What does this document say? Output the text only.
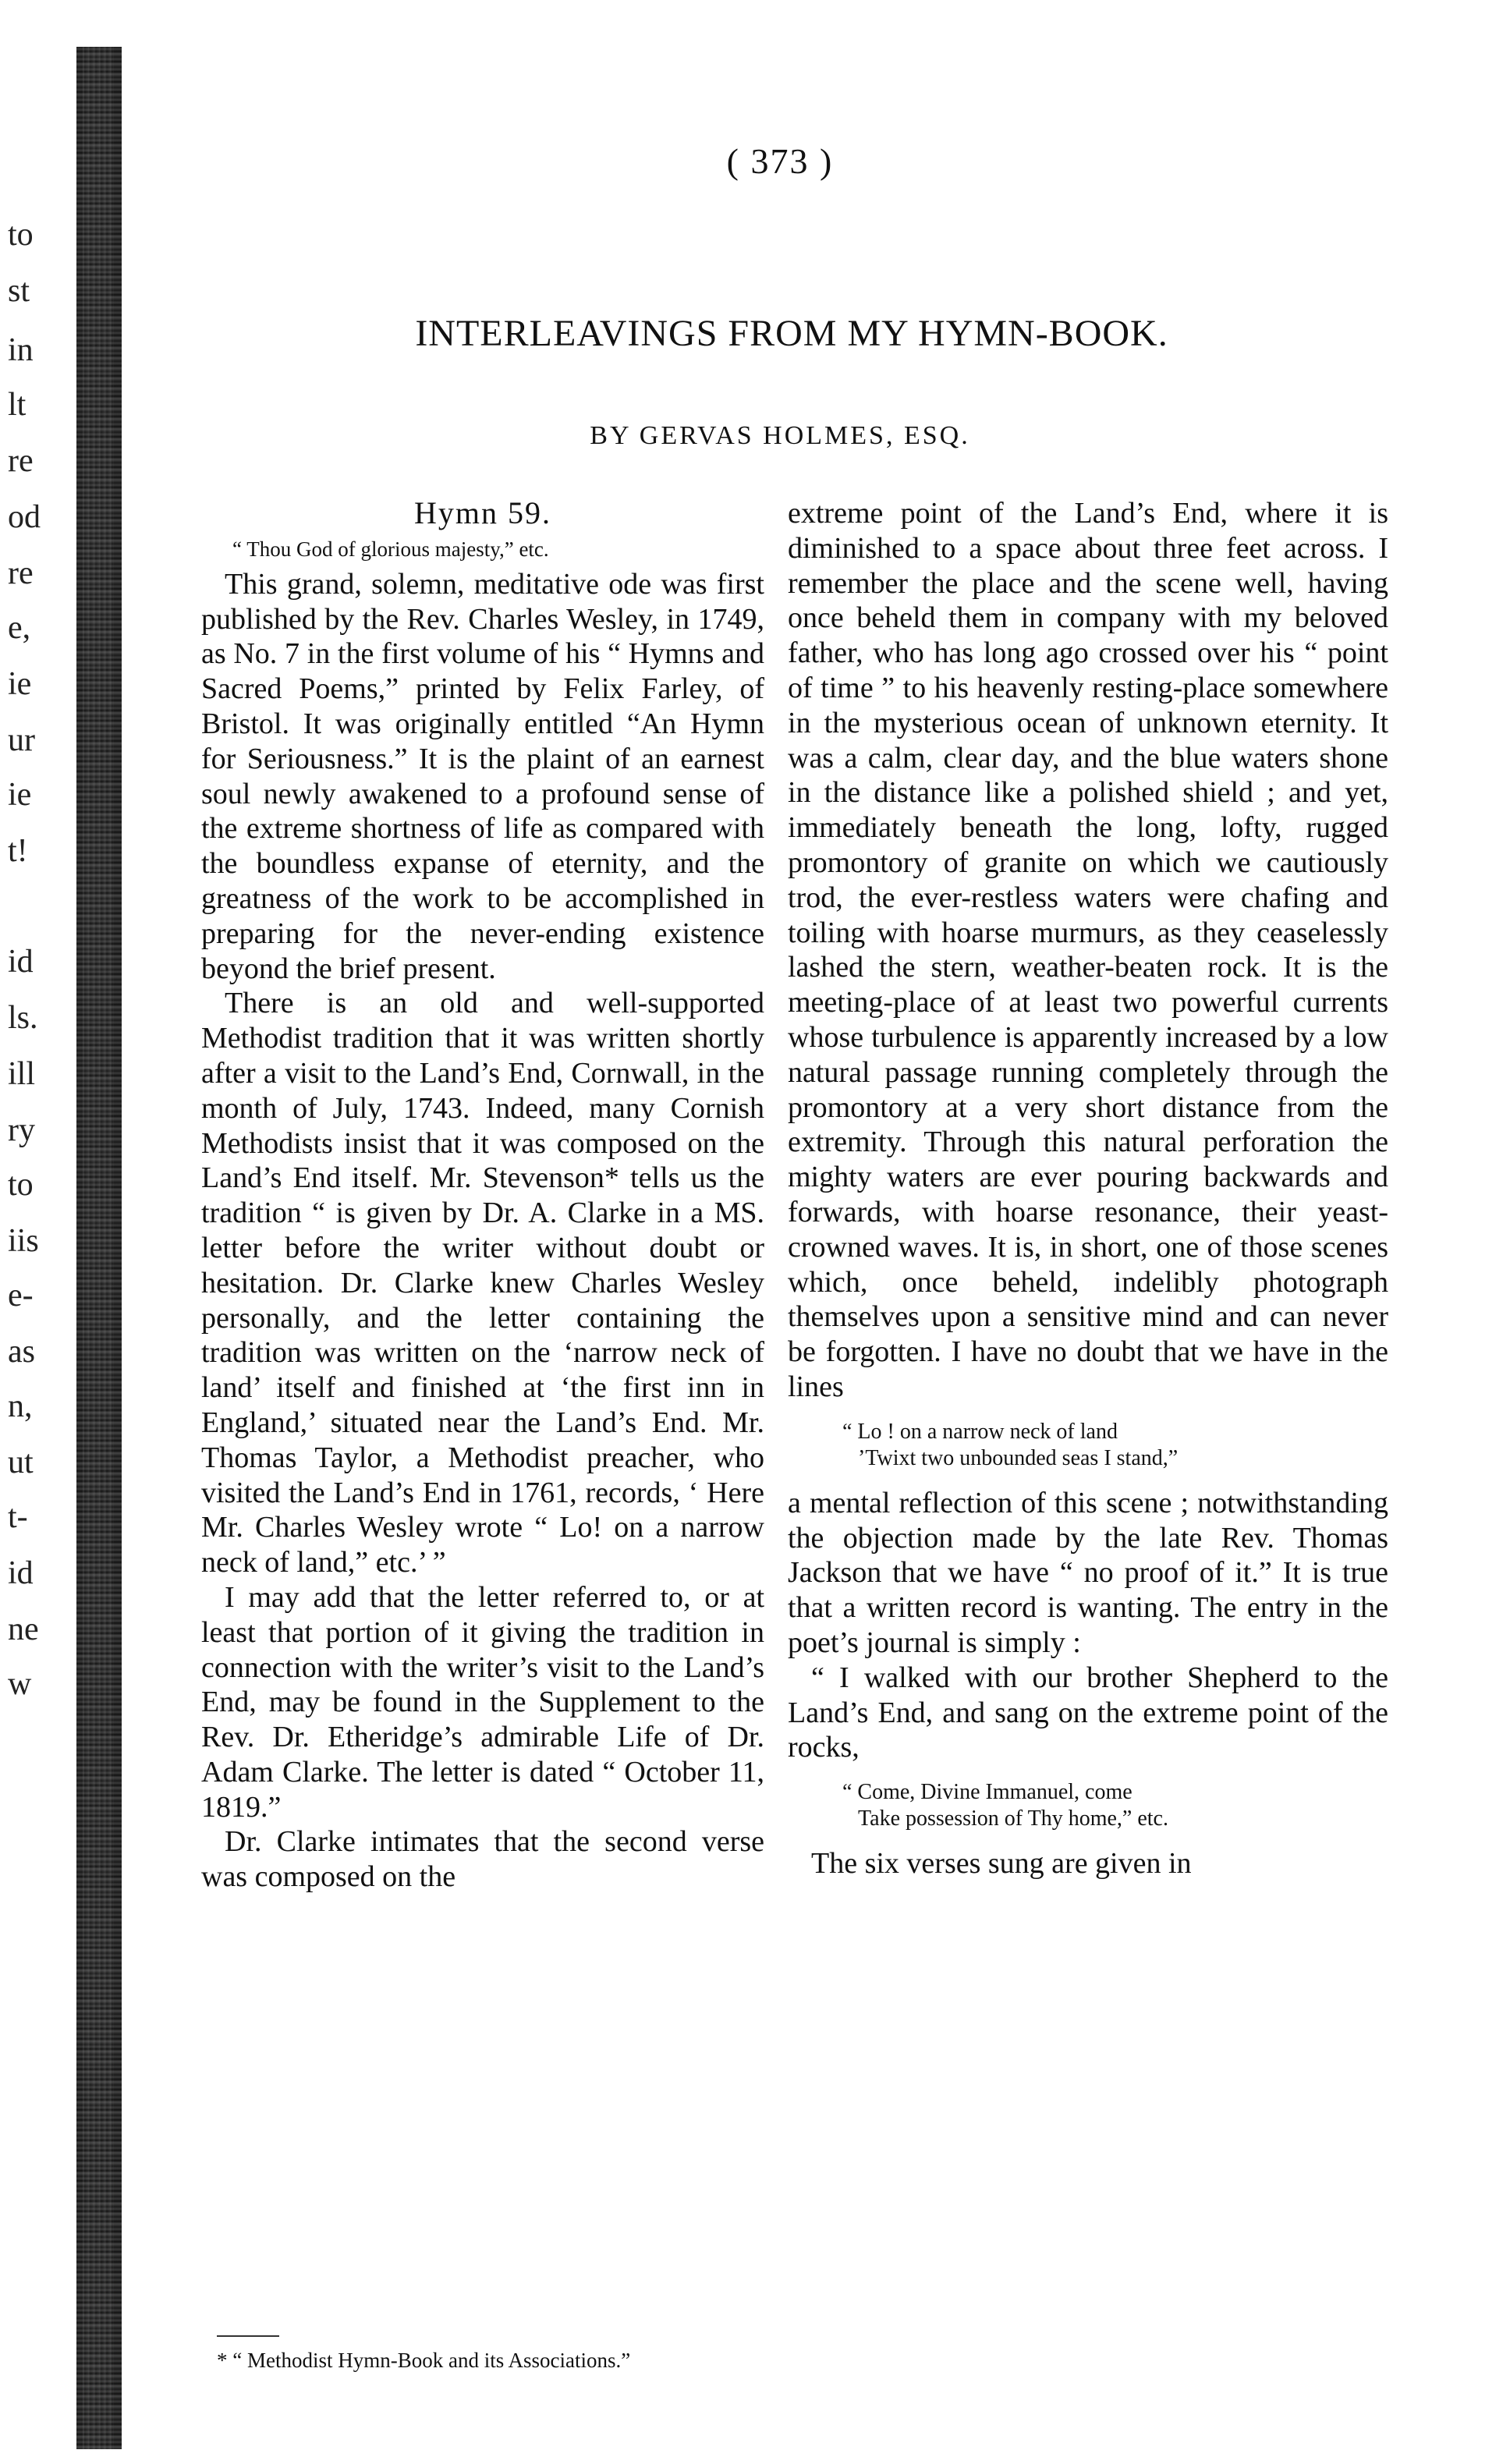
to
st
in
lt
re
od
re
e,
ie
ur
ie
t!
id
ls.
ill
ry
to
iis
e-
as
n,
ut
t-
id
ne
w
( 373 )
INTERLEAVINGS FROM MY HYMN-BOOK.
BY GERVAS HOLMES, ESQ.

Hymn 59.

“ Thou God of glorious majesty,” etc.

This grand, solemn, meditative ode was first published by the Rev. Charles Wesley, in 1749, as No. 7 in the first volume of his “ Hymns and Sacred Poems,” printed by Felix Farley, of Bristol. It was originally entitled “An Hymn for Seriousness.” It is the plaint of an earnest soul newly awakened to a profound sense of the extreme shortness of life as compared with the boundless expanse of eternity, and the greatness of the work to be accomplished in preparing for the never-ending existence beyond the brief present.

There is an old and well-supported Methodist tradition that it was written shortly after a visit to the Land’s End, Cornwall, in the month of July, 1743. Indeed, many Cornish Methodists insist that it was composed on the Land’s End itself. Mr. Stevenson* tells us the tradition “ is given by Dr. A. Clarke in a MS. letter before the writer without doubt or hesitation. Dr. Clarke knew Charles Wesley personally, and the letter containing the tradition was written on the ‘narrow neck of land’ itself and finished at ‘the first inn in England,’ situated near the Land’s End. Mr. Thomas Taylor, a Methodist preacher, who visited the Land’s End in 1761, records, ‘ Here Mr. Charles Wesley wrote “ Lo! on a narrow neck of land,” etc.’ ”

I may add that the letter referred to, or at least that portion of it giving the tradition in connection with the writer’s visit to the Land’s End, may be found in the Supplement to the Rev. Dr. Etheridge’s admirable Life of Dr. Adam Clarke. The letter is dated “ October 11, 1819.”

Dr. Clarke intimates that the second verse was composed on the

* “ Methodist Hymn-Book and its Associations.”

extreme point of the Land’s End, where it is diminished to a space about three feet across. I remember the place and the scene well, having once beheld them in company with my beloved father, who has long ago crossed over his “ point of time ” to his heavenly resting-place somewhere in the mysterious ocean of unknown eternity. It was a calm, clear day, and the blue waters shone in the distance like a polished shield ; and yet, immediately beneath the long, lofty, rugged promontory of granite on which we cautiously trod, the ever-restless waters were chafing and toiling with hoarse murmurs, as they ceaselessly lashed the stern, weather-beaten rock. It is the meeting-place of at least two powerful currents whose turbulence is apparently increased by a low natural passage running completely through the promontory at a very short distance from the extremity. Through this natural perforation the mighty waters are ever pouring backwards and forwards, with hoarse resonance, their yeast-crowned waves. It is, in short, one of those scenes which, once beheld, indelibly photograph themselves upon a sensitive mind and can never be forgotten. I have no doubt that we have in the lines

“ Lo ! on a narrow neck of land
’Twixt two unbounded seas I stand,”

a mental reflection of this scene ; notwithstanding the objection made by the late Rev. Thomas Jackson that we have “ no proof of it.” It is true that a written record is wanting. The entry in the poet’s journal is simply :

“ I walked with our brother Shepherd to the Land’s End, and sang on the extreme point of the rocks,

“ Come, Divine Immanuel, come
Take possession of Thy home,” etc.

The six verses sung are given in
